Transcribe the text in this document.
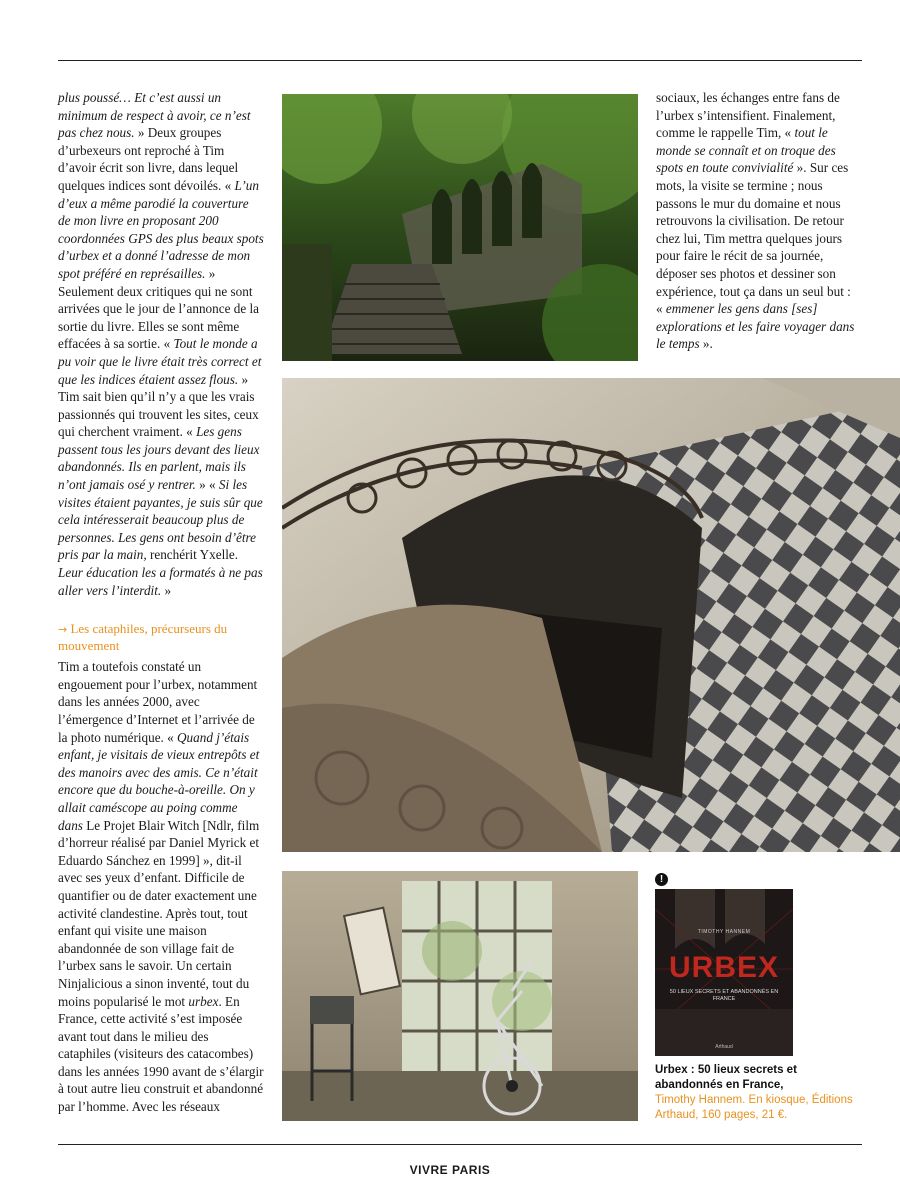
plus poussé… Et c’est aussi un minimum de respect à avoir, ce n’est pas chez nous. » Deux groupes d’urbexeurs ont reproché à Tim d’avoir écrit son livre, dans lequel quelques indices sont dévoilés. « L’un d’eux a même parodié la couverture de mon livre en proposant 200 coordonnées GPS des plus beaux spots d’urbex et a donné l’adresse de mon spot préféré en représailles. » Seulement deux critiques qui ne sont arrivées que le jour de l’annonce de la sortie du livre. Elles se sont même effacées à sa sortie. « Tout le monde a pu voir que le livre était très correct et que les indices étaient assez flous. » Tim sait bien qu’il n’y a que les vrais passionnés qui trouvent les sites, ceux qui cherchent vraiment. « Les gens passent tous les jours devant des lieux abandonnés. Ils en parlent, mais ils n’ont jamais osé y rentrer. » « Si les visites étaient payantes, je suis sûr que cela intéresserait beaucoup plus de personnes. Les gens ont besoin d’être pris par la main, renchérit Yxelle. Leur éducation les a formatés à ne pas aller vers l’interdit. »

→ Les cataphiles, précurseurs du mouvement

Tim a toutefois constaté un engouement pour l’urbex, notamment dans les années 2000, avec l’émergence d’Internet et l’arrivée de la photo numérique. « Quand j’étais enfant, je visitais de vieux entrepôts et des manoirs avec des amis. Ce n’était encore que du bouche-à-oreille. On y allait caméscope au poing comme dans Le Projet Blair Witch [Ndlr, film d’horreur réalisé par Daniel Myrick et Eduardo Sánchez en 1999] », dit-il avec ses yeux d’enfant. Difficile de quantifier ou de dater exactement une activité clandestine. Après tout, tout enfant qui visite une maison abandonnée de son village fait de l’urbex sans le savoir. Un certain Ninjalicious a sinon inventé, tout du moins popularisé le mot urbex. En France, cette activité s’est imposée avant tout dans le milieu des cataphiles (visiteurs des catacombes) dans les années 1990 avant de s’élargir à tout autre lieu construit et abandonné par l’homme. Avec les réseaux

sociaux, les échanges entre fans de l’urbex s’intensifient. Finalement, comme le rappelle Tim, « tout le monde se connaît et on troque des spots en toute convivialité ». Sur ces mots, la visite se termine ; nous passons le mur du domaine et nous retrouvons la civilisation. De retour chez lui, Tim mettra quelques jours pour faire le récit de sa journée, déposer ses photos et dessiner son expérience, tout ça dans un seul but : « emmener les gens dans [ses] explorations et les faire voyager dans le temps ».

!
TIMOTHY HANNEM
URBEX
50 LIEUX SECRETS ET ABANDONNÉS EN FRANCE
Arthaud
Urbex : 50 lieux secrets et abandonnés en France,
Timothy Hannem. En kiosque, Éditions Arthaud, 160 pages, 21 €.
VIVRE PARIS
